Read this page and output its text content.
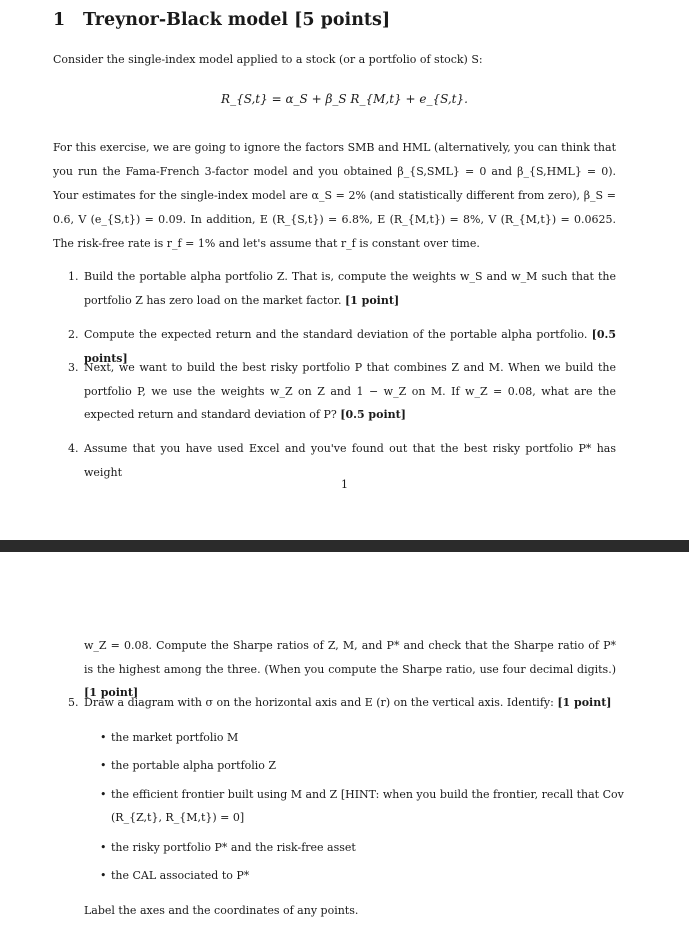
1 Treynor-Black model [5 points]
Consider the single-index model applied to a stock (or a portfolio of stock) S:
R_{S,t} = α_S + β_S R_{M,t} + e_{S,t}.
For this exercise, we are going to ignore the factors SMB and HML (alternatively, you can think that you run the Fama-French 3-factor model and you obtained β_{S,SML} = 0 and β_{S,HML} = 0). Your estimates for the single-index model are α_S = 2% (and statistically different from zero), β_S = 0.6, V (e_{S,t}) = 0.09. In addition, E (R_{S,t}) = 6.8%, E (R_{M,t}) = 8%, V (R_{M,t}) = 0.0625. The risk-free rate is r_f = 1% and let's assume that r_f is constant over time.
1. Build the portable alpha portfolio Z. That is, compute the weights w_S and w_M such that the portfolio Z has zero load on the market factor. [1 point]
2. Compute the expected return and the standard deviation of the portable alpha portfolio. [0.5 points]
3. Next, we want to build the best risky portfolio P that combines Z and M. When we build the portfolio P, we use the weights w_Z on Z and 1 − w_Z on M. If w_Z = 0.08, what are the expected return and standard deviation of P? [0.5 point]
4. Assume that you have used Excel and you've found out that the best risky portfolio P* has weight
1
w_Z = 0.08. Compute the Sharpe ratios of Z, M, and P* and check that the Sharpe ratio of P* is the highest among the three. (When you compute the Sharpe ratio, use four decimal digits.) [1 point]
5. Draw a diagram with σ on the horizontal axis and E (r) on the vertical axis. Identify: [1 point]
• the market portfolio M
• the portable alpha portfolio Z
• the efficient frontier built using M and Z [HINT: when you build the frontier, recall that Cov (R_{Z,t}, R_{M,t}) = 0]
• the risky portfolio P* and the risk-free asset
• the CAL associated to P*
Label the axes and the coordinates of any points.
